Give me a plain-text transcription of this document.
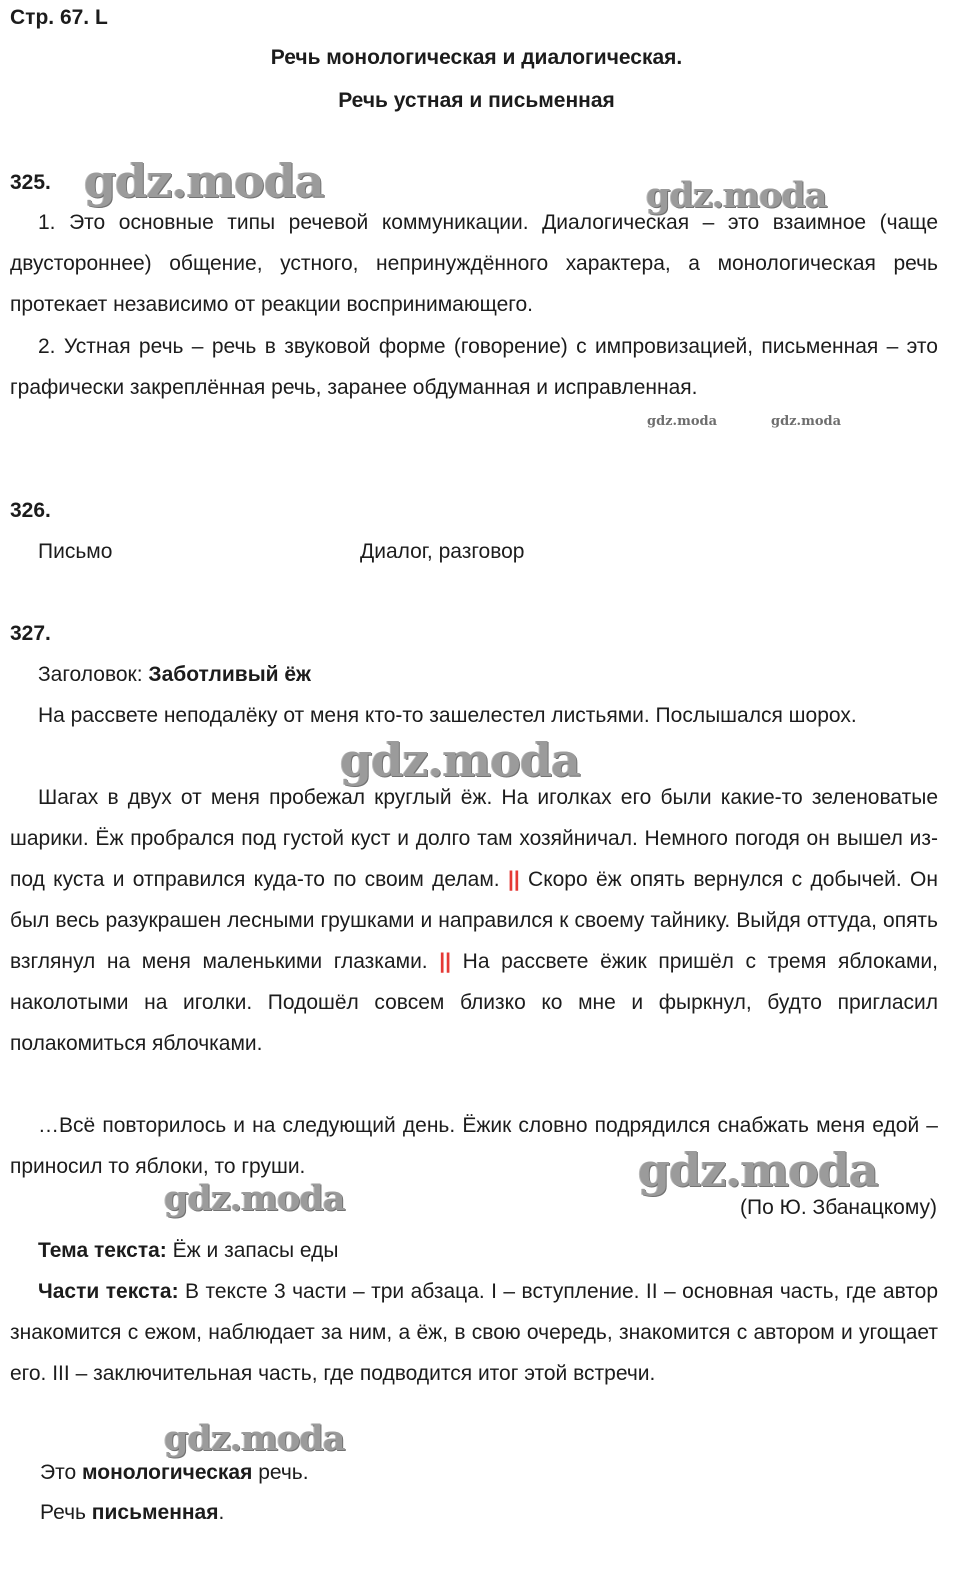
Стр. 67. L
Речь монологическая и диалогическая.
Речь устная и письменная
325.

1. Это основные типы речевой коммуникации. Диалогическая – это взаимное (чаще двустороннее) общение, устного, непринуждённого характера, а монологическая речь протекает независимо от реакции воспринимающего.

2. Устная речь – речь в звуковой форме (говорение) с импровизацией, письменная – это графически закреплённая речь, заранее обдуманная и исправленная.

326.
Письмо	Диалог, разговор
327.
Заголовок: Заботливый ёж

На рассвете неподалёку от меня кто-то зашелестел листьями. Послышался шорох.

Шагах в двух от меня пробежал круглый ёж. На иголках его были какие-то зеленоватые шарики. Ёж пробрался под густой куст и долго там хозяйничал. Немного погодя он вышел из-под куста и отправился куда-то по своим делам. || Скоро ёж опять вернулся с добычей. Он был весь разукрашен лесными грушками и направился к своему тайнику. Выйдя оттуда, опять взглянул на меня маленькими глазками. || На рассвете ёжик пришёл с тремя яблоками, наколотыми на иголки. Подошёл совсем близко ко мне и фыркнул, будто пригласил полакомиться яблочками.

…Всё повторилось и на следующий день. Ёжик словно подрядился снабжать меня едой – приносил то яблоки, то груши.

(По Ю. Збанацкому)
Тема текста: Ёж и запасы еды

Части текста: В тексте 3 части – три абзаца. I – вступление. II – основная часть, где автор знакомится с ежом, наблюдает за ним, а ёж, в свою очередь, знакомится с автором и угощает его. III – заключительная часть, где подводится итог этой встречи.

Это монологическая речь.
Речь письменная.
gdz.moda	gdz.moda
gdz.moda	gdz.moda
gdz.moda
gdz.moda
gdz.moda
gdz.moda
